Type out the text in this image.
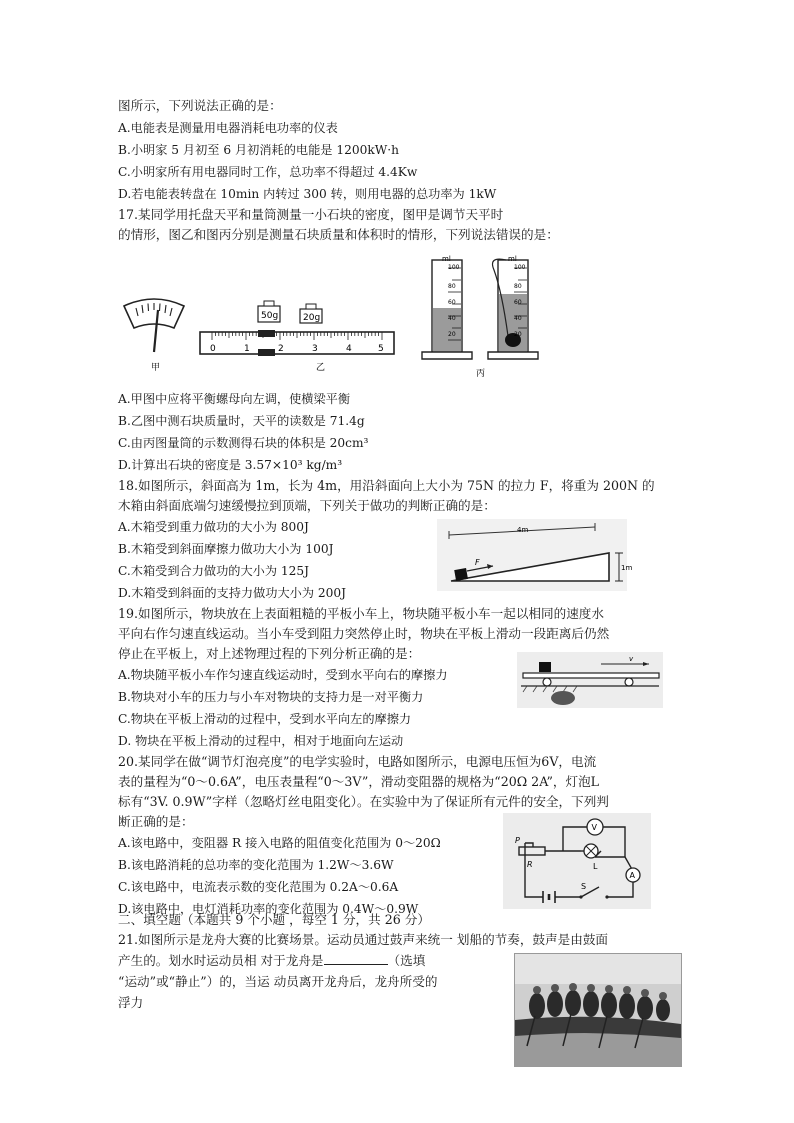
图所示，下列说法正确的是：
A.电能表是测量用电器消耗电功率的仪表
B.小明家 5 月初至 6 月初消耗的电能是 1200kW·h
C.小明家所有用电器同时工作，总功率不得超过 4.4Kw
D.若电能表转盘在 10min 内转过 300 转，则用电器的总功率为 1kW
17.某同学用托盘天平和量筒测量一小石块的密度，图甲是调节天平时
的情形，图乙和图丙分别是测量石块质量和体积时的情形，下列说法错误的是：
甲
50g	20g
0	1	2	3	4	5
乙
ml
100
80
60
40
20
ml
100
80
60
40
20
丙
A.甲图中应将平衡螺母向左调，使横梁平衡
B.乙图中测石块质量时，天平的读数是 71.4g
C.由丙图量筒的示数测得石块的体积是 20cm³
D.计算出石块的密度是 3.57×10³ kg/m³
18.如图所示，斜面高为 1m，长为 4m，用沿斜面向上大小为 75N 的拉力 F，将重为 200N 的
木箱由斜面底端匀速缓慢拉到顶端，下列关于做功的判断正确的是：
A.木箱受到重力做功的大小为 800J
B.木箱受到斜面摩擦力做功大小为 100J
C.木箱受到合力做功的大小为 125J
D.木箱受到斜面的支持力做功大小为 200J
4m
1m
F
19.如图所示，物块放在上表面粗糙的平板小车上，物块随平板小车一起以相同的速度水
平向右作匀速直线运动。当小车受到阻力突然停止时，物块在平板上滑动一段距离后仍然
停止在平板上，对上述物理过程的下列分析正确的是：
A.物块随平板小车作匀速直线运动时，受到水平向右的摩擦力
B.物块对小车的压力与小车对物块的支持力是一对平衡力
C.物块在平板上滑动的过程中，受到水平向左的摩擦力
D. 物块在平板上滑动的过程中，相对于地面向左运动
v
20.某同学在做“调节灯泡亮度”的电学实验时，电路如图所示，电源电压恒为6V，电流
表的量程为“0～0.6A”，电压表量程“0～3V”，滑动变阻器的规格为“20Ω 2A”，灯泡L
标有“3V. 0.9W”字样（忽略灯丝电阻变化）。在实验中为了保证所有元件的安全，下列判
断正确的是：
A.该电路中，变阻器 R 接入电路的阻值变化范围为 0～20Ω
B.该电路消耗的总功率的变化范围为 1.2W～3.6W
C.该电路中，电流表示数的变化范围为 0.2A～0.6A
D.该电路中，电灯消耗功率的变化范围为 0.4W～0.9W
S
V
L
A
P
R
二、填空题（本题共 9 个小题 ，每空 1 分，共 26 分）
21.如图所示是龙舟大赛的比赛场景。运动员通过鼓声来统一 划船的节奏，鼓声是由鼓面
产生的。划水时运动员相 对于龙舟是	（选填
“运动”或“静止”）的，当运 动员离开龙舟后，龙舟所受的
浮力
